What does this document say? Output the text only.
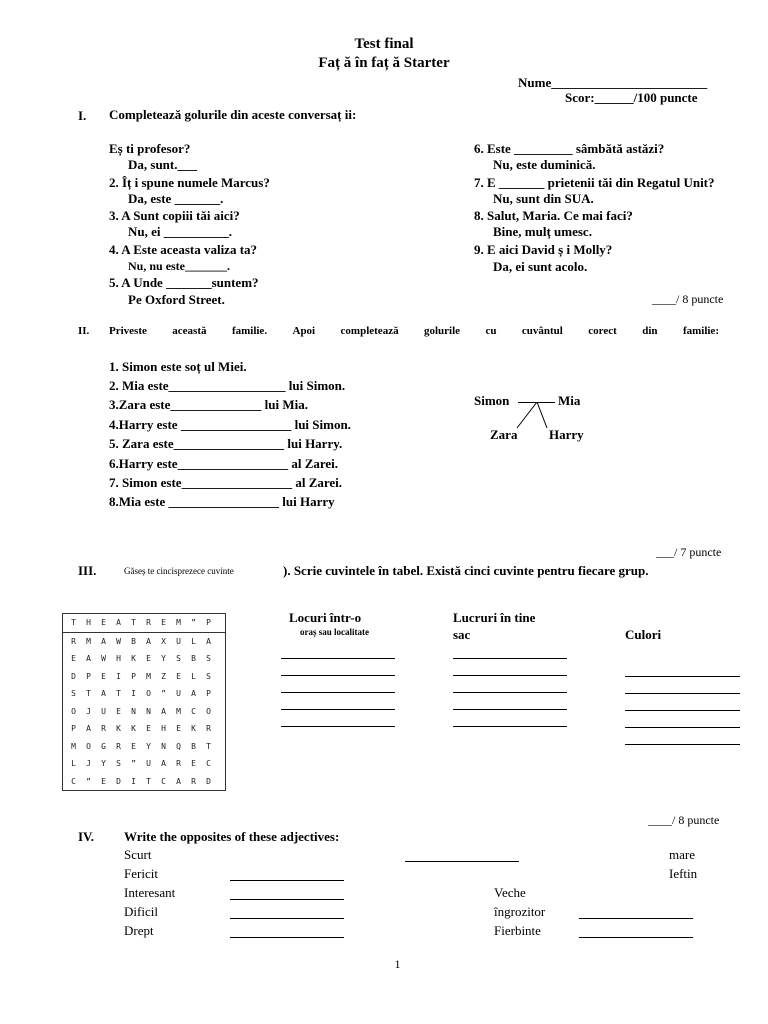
Test final
Faț ă în faț ă Starter
Nume________________________
Scor:______/100 puncte
I. Completează golurile din aceste conversaț ii:
Eș ti profesor?
Da, sunt.___
2. Îț i spune numele Marcus?
Da, este _______.
3. A Sunt copiii tăi aici?
Nu, ei __________.
4. A Este aceasta valiza ta?
Nu, nu este_______.
5. A Unde _______suntem?
Pe Oxford Street.
6. Este _________ sâmbătă astăzi?
Nu, este duminică.
7. E _______ prietenii tăi din Regatul Unit?
Nu, sunt din SUA.
8. Salut, Maria. Ce mai faci?
Bine, mulț umesc.
9. E aici David ș i Molly?
Da, ei sunt acolo.
____/ 8 puncte
II. Priveste această familie. Apoi completează golurile cu cuvântul corect din familie:
1. Simon este soț ul Miei.
2. Mia este__________________ lui Simon.
3.Zara este______________ lui Mia.
4.Harry este _________________ lui Simon.
5. Zara este_________________ lui Harry.
6.Harry este_________________ al Zarei.
7. Simon este_________________ al Zarei.
8.Mia este _________________ lui Harry
Simon	Mia
Zara Harry
___/ 7 puncte
III.	Găseș te cincisprezece cuvinte	). Scrie cuvintele în tabel. Există cinci cuvinte pentru fiecare grup.
T	H	E	A	T	R	E	M	”	P
R	M	A	W	B	A	X	U	L	A
E	A	W	H	K	E	Y	S	B	S
D	P	E	I	P	M	Z	E	L	S
S	T	A	T	I	O	”	U	A	P
O	J	U	E	N	N	A	M	C	O
P	A	R	K	K	E	H	E	K	R
M	O	G	R	E	Y	N	Q	B	T
L	J	Y	S	”	U	A	R	E	C
C	”	E	D	I	T	C	A	R	D
Locuri într-o
oraș sau localitate
Lucruri în tine
sac	Culori
____/ 8 puncte
IV. Write the opposites of these adjectives:
Scurt
Fericit
Interesant
Dificil
Drept
mare
Ieftin
Veche
îngrozitor
Fierbinte
1
